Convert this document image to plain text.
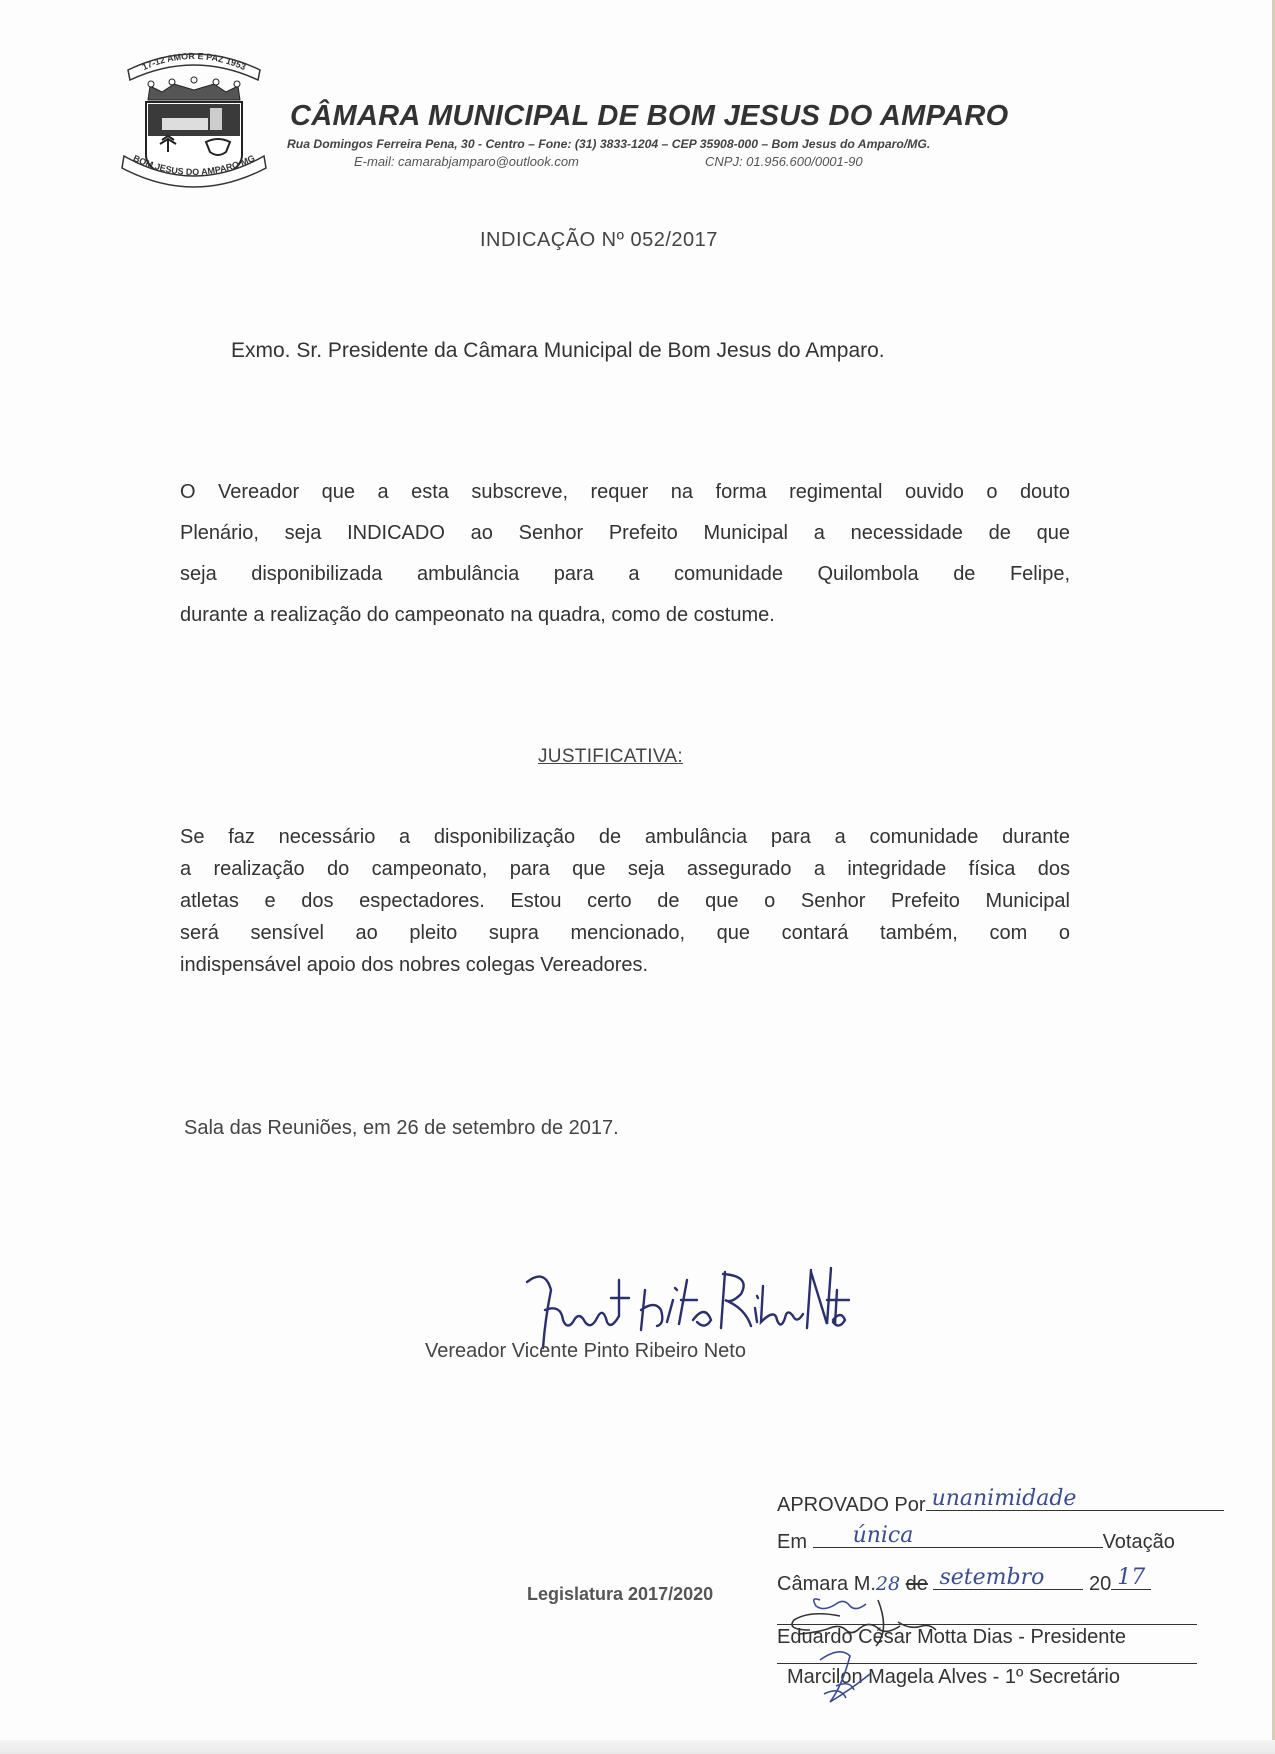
17-12 AMOR E PAZ 1953
BOM JESUS DO AMPARO MG
CÂMARA MUNICIPAL DE BOM JESUS DO AMPARO
Rua Domingos Ferreira Pena, 30 - Centro – Fone: (31) 3833-1204 – CEP 35908-000 – Bom Jesus do Amparo/MG.
E-mail: camarabjamparo@outlook.com	CNPJ: 01.956.600/0001-90
INDICAÇÃO Nº 052/2017
Exmo. Sr. Presidente da Câmara Municipal de Bom Jesus do Amparo.
O Vereador que a esta subscreve, requer na forma regimental ouvido o douto
Plenário, seja INDICADO ao Senhor Prefeito Municipal a necessidade de que
seja disponibilizada ambulância para a comunidade Quilombola de Felipe,
durante a realização do campeonato na quadra, como de costume.
JUSTIFICATIVA:
Se faz necessário a disponibilização de ambulância para a comunidade durante
a realização do campeonato, para que seja assegurado a integridade física dos
atletas e dos espectadores. Estou certo de que o Senhor Prefeito Municipal
será sensível ao pleito supra mencionado, que contará também, com o
indispensável apoio dos nobres colegas Vereadores.
Sala das Reuniões, em 26 de setembro de 2017.
Vereador Vicente Pinto Ribeiro Neto
Legislatura 2017/2020
APROVADO Por unanimidade
Em única	Votação
Câmara M.28 de setembro 20 17
Eduardo César Motta Dias - Presidente
Marcilon Magela Alves - 1º Secretário
